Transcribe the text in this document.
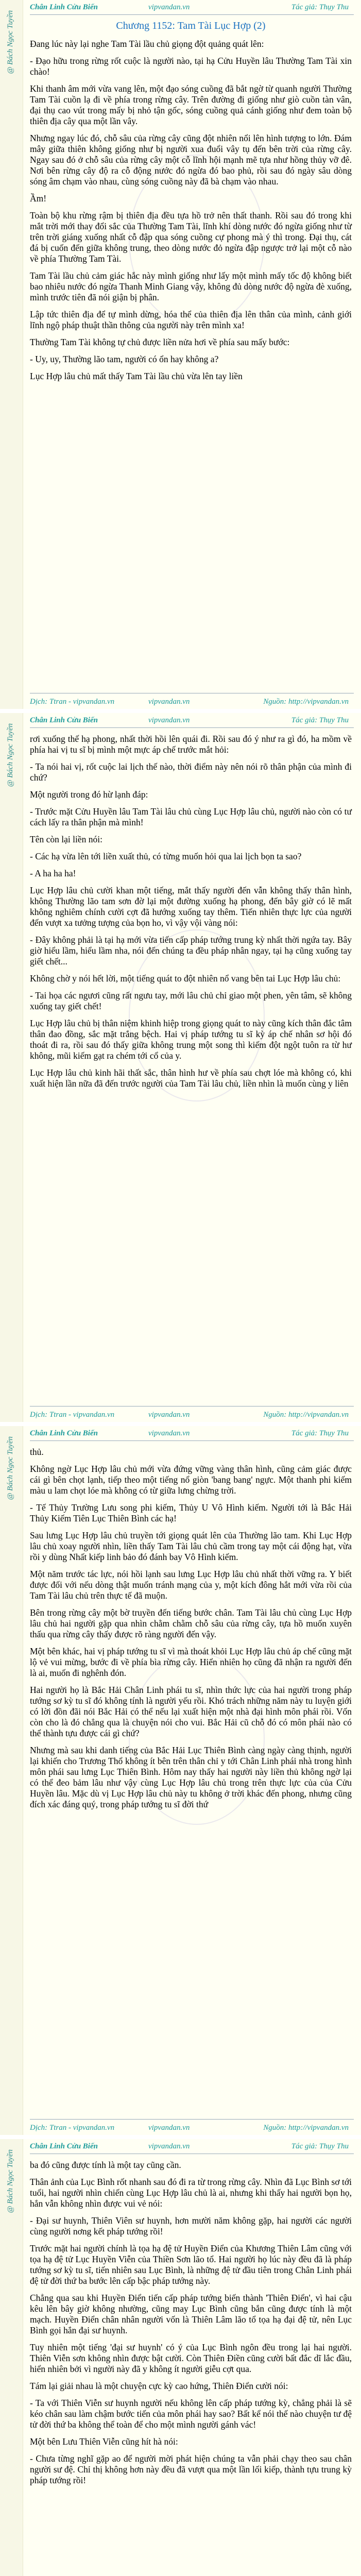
@ Bách Ngọc Tuyền
Chân Linh Cửu Biến	vipvandan.vn	Tác giả: Thụy Thu
Chương 1152: Tam Tài Lục Hợp (2)

Đang lúc này lại nghe Tam Tài lầu chủ giọng đột quảng quát lên:

- Đạo hữu trong rừng rốt cuộc là người nào, tại hạ Cửu Huyền lâu Thường Tam Tài xin chào!

Khi thanh âm mới vừa vang lên, một đạo sóng cuồng đã bắt ngờ từ quanh người Thường Tam Tài cuồn lạ đi về phía trong rừng cây. Trên đường đi giống như giò cuồn tàn vân, đại thụ cao vút trong mấy bị nhỏ tận gốc, sóng cuồng quả cánh giống như đem toàn bộ thiên địa cây qua một lần vây.

Nhưng ngay lúc đó, chỗ sâu của rừng cây cũng đột nhiên nổi lên hình tượng to lớn. Đám mây giữa thiên không giống như bị người xua đuổi vây tụ đến bên trời của rừng cây. Ngay sau đó ở chỗ sâu của rừng cây một cỗ lĩnh hội mạnh mẽ tựa như hồng thủy vỡ đê. Nơi bên rừng cây độ ra cỗ động nước đó ngừa đó bao phủ, rồi sau đó ngày sâu dòng sóng âm chạm vào nhau, cùng sóng cuồng này đã bà chạm vào nhau.

Ầm!

Toàn bộ khu rừng rậm bị thiên địa đều tựa hồ trở nên thất thanh. Rồi sau đó trong khi mắt trời mới thay đổi sắc của Thường Tam Tài, lĩnh khí dòng nước đó ngừa giống như từ trên trời giáng xuống nhất cỗ đập qua sóng cuồng cự phong mà ý thì trong. Đại thụ, cát đá bị cuốn đến giữa không trung, theo dòng nước đỏ ngừa đập ngược trở lại một cỗ nào về phía Thường Tam Tài.

Tam Tài lầu chủ cảm giác hắc này mình giống như lấy một mình mấy tốc độ không biết bao nhiêu nước đó ngừa Thanh Minh Giang vậy, không đủ dòng nước độ ngừa đè xuống, mình trước tiên đã nói giận bị phân.

Lập tức thiên địa để tự mình dừng, hóa thể của thiên địa lên thân của mình, cảnh giới lĩnh ngộ pháp thuật thần thông của người này trên mình xa!

Thường Tam Tài không tự chủ được liền nửa hơi về phía sau mấy bước:

- Uy, uy, Thường lão tam, người có ổn hay không a?

Lục Hợp lâu chủ mất thấy Tam Tài lầu chủ vừa lên tay liền

Dịch: Ttran - vipvandan.vn	vipvandan.vn	Nguồn: http://vipvandan.vn
@ Bách Ngọc Tuyền
Chân Linh Cửu Biến	vipvandan.vn	Tác giả: Thụy Thu

rơi xuống thế hạ phong, nhất thời hồi lên quái đi. Rồi sau đó ý như ra gì đó, ha mồm về phía hai vị tu sĩ bị mình một mực áp chế trước mắt hỏi:

- Ta nói hai vị, rốt cuộc lai lịch thế nào, thời điểm này nên nói rõ thân phận của mình đi chứ?

Một người trong đó hừ lạnh đáp:

- Trước mặt Cửu Huyền lâu Tam Tài lâu chủ cùng Lục Hợp lâu chủ, người nào còn có tư cách lấy ra thân phận mà mình!

Tên còn lại liền nói:

- Các hạ vừa lên tới liền xuất thủ, có từng muốn hỏi qua lai lịch bọn ta sao?

- A ha ha ha!

Lục Hợp lâu chủ cười khan một tiếng, mắt thấy người đến vẫn không thấy thân hình, không Thường lão tam sơn đờ lại một đường xuống hạ phong, đến bây giờ có lẽ mất không nghiêm chính cười cợt đã hướng xuống tay thêm. Tiến nhiên thực lực của người đến vượt xa tưởng tượng của bọn ho, vì vậy vội vàng nói:

- Đây không phải là tại hạ mới vừa tiến cấp pháp tướng trung kỳ nhất thời ngứa tay. Bây giờ hiểu lầm, hiểu lầm nha, nói đến chúng ta đều pháp nhân ngay, tại hạ cũng xuống tay giết chết...

Không chờ y nói hết lời, một tiếng quát to đột nhiên nổ vang bên tai Lục Hợp lâu chủ:

- Tai họa các ngươi cũng rất ngưu tay, mới lâu chủ chỉ giao một phen, yên tâm, sẽ không xuống tay giết chết!

Lục Hợp lâu chủ bị thân niệm khinh hiệp trong giọng quát to này cũng kích thân đắc tâm thân đao đồng, sắc mặt trắng bệch. Hai vị pháp tướng tu sĩ kỳ áp chế nhân sơ hội đó thoát đi ra, rồi sau đó thấy giữa không trung một song thì kiếm đột ngột tuôn ra từ hư không, mũi kiếm gạt ra chém tới cổ của y.

Lục Hợp lâu chủ kinh hãi thất sắc, thân hình hư về phía sau chợt lóe mà không có, khi xuất hiện lần nữa đã đến trước người của Tam Tài lâu chủ, liền nhìn là muốn cùng y liên

Dịch: Ttran - vipvandan.vn	vipvandan.vn	Nguồn: http://vipvandan.vn
@ Bách Ngọc Tuyền
Chân Linh Cửu Biến	vipvandan.vn	Tác giả: Thụy Thu

thủ.

Không ngờ Lục Hợp lâu chủ mới vừa đứng vững vàng thân hình, cũng cảm giác được cái gì bên chọt lạnh, tiếp theo một tiếng nổ giòn 'bang bang' ngực. Một thanh phi kiếm màu u lam chọt lóe mà không có từ giữa lưng chừng trời.

- Tế Thủy Trường Lưu song phi kiếm, Thủy U Vô Hình kiếm. Người tới là Bắc Hải Thủy Kiếm Tiên Lục Thiên Bình các hạ!

Sau lưng Lục Hợp lâu chủ truyền tới giọng quát lên của Thường lão tam. Khi Lục Hợp lâu chủ xoay người nhìn, liền thấy Tam Tài lâu chủ cầm trong tay một cái động hạt, vừa rồi y dùng Nhất kiếp linh bảo đó đánh bay Vô Hình kiếm.

Một năm trước tác lực, nói hồi lạnh sau lưng Lục Hợp lâu chủ nhất thời vững ra. Y biết được đối với nếu dòng thật muốn tránh mạng của y, một kích đông hắt mới vừa rồi của Tam Tài lâu chủ trên thực tế đã muộn.

Bên trong rừng cây một bờ truyền đến tiếng bước chân. Tam Tài lâu chủ cùng Lục Hợp lâu chủ hai người gặp qua nhìn chằm chằm chỗ sâu của rừng cây, tựa hồ muốn xuyên thấu qua rừng cây thấy được rõ ràng người đến vậy.

Một bên khác, hai vị pháp tướng tu sĩ vì mà thoát khỏi Lục Hợp lâu chủ áp chế cũng mặt lộ vẻ vui mừng, bước đi về phía bìa rừng cây. Hiển nhiên họ cũng đã nhận ra người đến là ai, muốn đi nghênh đón.

Hai người họ là Bắc Hải Chân Linh phái tu sĩ, nhìn thức lực của hai người trong pháp tướng sơ kỳ tu sĩ đó không tính là người yếu rồi. Khó trách những năm này tu luyện giới có lời đồn đãi nói Bắc Hải có thể nếu lại xuất hiện một nhà đại hình môn phái rồi. Vốn còn cho là đó chẳng qua là chuyện nói cho vui. Bắc Hải cũ chỗ đó có môn phái nào có thể thành tựu được cái gì chứ?

Nhưng mà sau khi danh tiếng của Bắc Hải Lục Thiên Bình càng ngày càng thịnh, người lại khiến cho Trương Thổ không ít bên trên thân chỉ y tới Chân Linh phái nhà trong hình môn phái sau lưng Lục Thiên Bình. Hôm nay thấy hai người này liền thủ không ngờ lại có thể đeo bảm lâu như vậy cùng Lục Hợp lâu chủ trong trên thực lực của của Cửu Huyền lâu. Mặc dù vị Lục Hợp lâu chủ này tu không ở trời khác đến phong, nhưng cũng đích xác đáng quý, trong pháp tướng tu sĩ đời thứ

Dịch: Ttran - vipvandan.vn	vipvandan.vn	Nguồn: http://vipvandan.vn
@ Bách Ngọc Tuyền
Chân Linh Cửu Biến	vipvandan.vn	Tác giả: Thụy Thu

ba đó cũng được tính là một tay cũng cần.

Thân ảnh của Lục Bình rốt nhanh sau đó đi ra từ trong rừng cây. Nhìn đã Lục Bình sơ tới tuổi, hai người nhìn chiến cùng Lục Hợp lâu chủ là ai, nhưng khi thấy hai người bọn họ, hắn vẫn không nhìn được vui vẻ nói:

- Đại sư huynh, Thiên Viên sư huynh, hơn mười năm không gặp, hai người các người cùng người nơng kết pháp tướng rồi!

Trước mặt hai người chính là tọa hạ đệ tử Huyền Điển của Khương Thiên Lâm cũng với tọa hạ đệ tử Lục Huyền Viễn của Thiền Sơn lão tổ. Hai người họ lúc này đều đã là pháp tướng sơ kỳ tu sĩ, tiến nhiên sau Lục Bình, là những đệ tử đầu tiên trong Chân Linh phái đệ tử đời thứ ba bước lên cấp bậc pháp tướng này.

Chẳng qua sau khi Huyền Điển tiến cấp pháp tướng biến thành 'Thiên Điển', vì hai cậu kêu lên bây giờ không nhường, cũng may Lục Bình cũng bắn cũng được tính là một mạch. Huyền Điển chân nhân người vốn là Thiên Lâm lão tổ tọa hạ đại đệ tử, nên Lục Bình gọi hắn đại sư huynh.

Tuy nhiên một tiếng 'đại sư huynh' có ý của Lục Bình ngôn đều trong lại hai người. Thiên Viễn sơn không nhìn được bật cười. Còn Thiên Điền cũng cười bất đắc dĩ lắc đầu, hiển nhiên bởi vì người này đã y không ít người giễu cợt qua.

Tám lại giải nhau là một chuyện cực kỳ cao hứng, Thiên Điển cười nói:

- Ta với Thiên Viễn sư huynh người nếu không lên cấp pháp tướng kỳ, chẳng phải là sẽ kéo chân sau làm chậm bước tiến của môn phái hay sao? Bất kể nói thế nào chuyện tư đệ tử đời thứ ba không thể toàn để cho một mình người gánh vác!

Một bên Lưu Thiên Viễn cũng hít hà nói:

- Chưa từng nghĩ gặp ao để người mời phát hiện chúng ta vẫn phải chạy theo sau chân người sư đệ. Chỉ thị không hơn này đều đã vượt qua một lần lối kiếp, thành tựu trung kỳ pháp tướng rồi!
